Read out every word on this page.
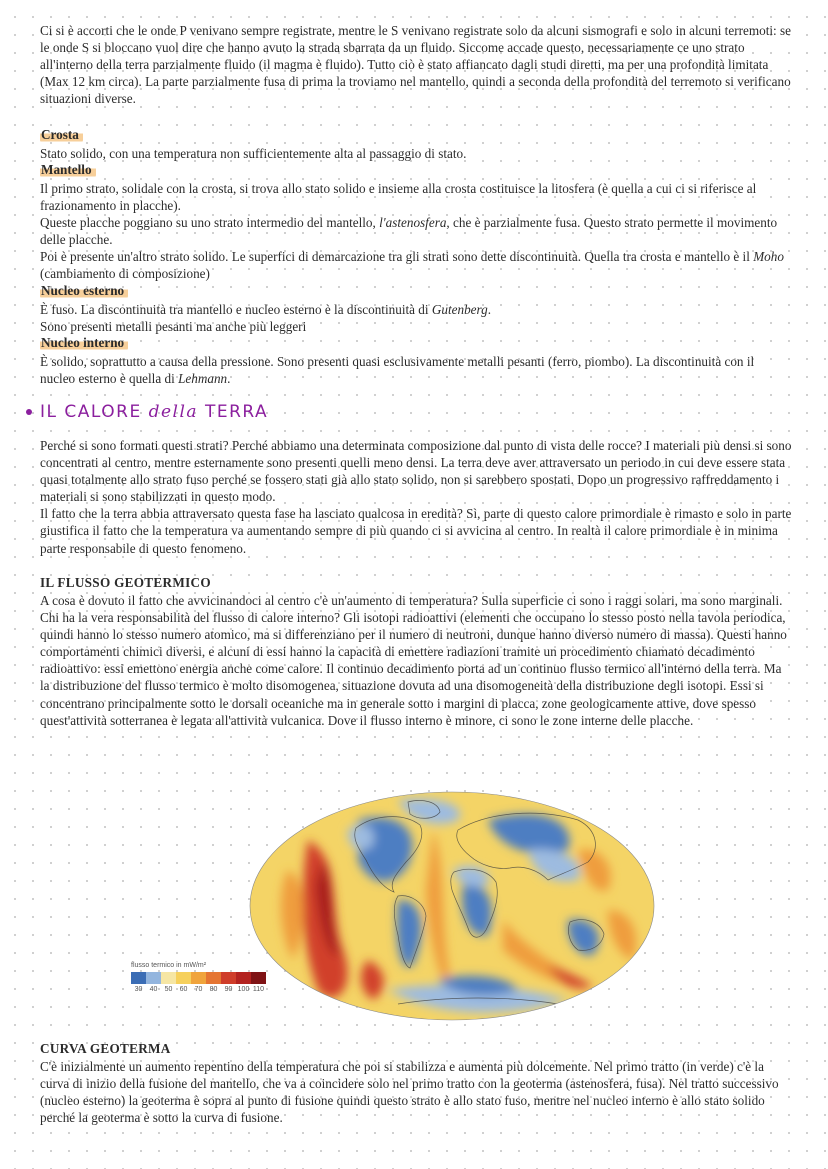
Ci si è accorti che le onde P venivano sempre registrate, mentre le S venivano registrate solo da alcuni sismografi e solo in alcuni terremoti: se le onde S si bloccano vuol dire che hanno avuto la strada sbarrata da un fluido. Siccome accade questo, necessariamente ce uno strato all'interno della terra parzialmente fluido (il magma è fluido). Tutto ciò è stato affiancato dagli studi diretti, ma per una profondità limitata (Max 12 km circa). La parte parzialmente fusa di prima la troviamo nel mantello, quindi a seconda della profondità del terremoto si verificano situazioni diverse.

Crosta

Stato solido, con una temperatura non sufficientemente alta al passaggio di stato.

Mantello

Il primo strato, solidale con la crosta, si trova allo stato solido e insieme alla crosta costituisce la litosfera (è quella a cui ci si riferisce al frazionamento in placche).
Queste placche poggiano su uno strato intermedio del mantello, l'astenosfera, che è parzialmente fusa. Questo strato permette il movimento delle placche.
Poi è presente un'altro strato solido. Le superfici di demarcazione tra gli strati sono dette discontinuità. Quella tra crosta e mantello è il Moho (cambiamento di composizione)

Nucleo esterno

È fuso. La discontinuità tra mantello e nucleo esterno è la discontinuità di Gutenberg.
Sono presenti metalli pesanti ma anche più leggeri

Nucleo interno

È solido, soprattutto a causa della pressione. Sono presenti quasi esclusivamente metalli pesanti (ferro, piombo). La discontinuità con il nucleo esterno è quella di Lehmann.

IL CALORE della TERRA

Perché si sono formati questi strati? Perché abbiamo una determinata composizione dal punto di vista delle rocce? I materiali più densi si sono concentrati al centro, mentre esternamente sono presenti quelli meno densi. La terra deve aver attraversato un periodo in cui deve essere stata quasi totalmente allo strato fuso perché se fossero stati già allo stato solido, non si sarebbero spostati. Dopo un progressivo raffreddamento i materiali si sono stabilizzati in questo modo.
Il fatto che la terra abbia attraversato questa fase ha lasciato qualcosa in eredità? Sì, parte di questo calore primordiale è rimasto e solo in parte giustifica il fatto che la temperatura va aumentando sempre di più quando ci si avvicina al centro. In realtà il calore primordiale è in minima parte responsabile di questo fenomeno.

IL FLUSSO GEOTERMICO

A cosa è dovuto il fatto che avvicinandoci al centro c'è un'aumento di temperatura? Sulla superficie ci sono i raggi solari, ma sono marginali. Chi ha la vera responsabilità del flusso di calore interno? Gli isotopi radioattivi (elementi che occupano lo stesso posto nella tavola periodica, quindi hanno lo stesso numero atomico, ma si differenziano per il numero di neutroni, dunque hanno diverso numero di massa). Questi hanno comportamenti chimici diversi, e alcuni di essi hanno la capacità di emettere radiazioni tramite un procedimento chiamato decadimento radioattivo: essi emettono energia anche come calore. Il continuo decadimento porta ad un continuo flusso termico all'interno della terra. Ma la distribuzione del flusso termico è molto disomogenea, situazione dovuta ad una disomogeneità della distribuzione degli isotopi. Essi si concentrano principalmente sotto le dorsali oceaniche ma in generale sotto i margini di placca, zone geologicamente attive, dove spesso quest'attività sotterranea è legata all'attività vulcanica. Dove il flusso interno è minore, ci sono le zone interne delle placche.

flusso termico in mW/m²
30	40	50	60	70	80	90 100 110
CURVA GEOTERMA

C'è inizialmente un aumento repentino della temperatura che poi si stabilizza e aumenta più dolcemente. Nel primo tratto (in verde) c'è la curva di inizio della fusione del mantello, che va a coincidere solo nel primo tratto con la geoterma (astenosfera, fusa). Nel tratto successivo (nucleo esterno) la geoterma è sopra al punto di fusione quindi questo strato è allo stato fuso, mentre nel nucleo interno è allo stato solido perché la geoterma è sotto la curva di fusione.
